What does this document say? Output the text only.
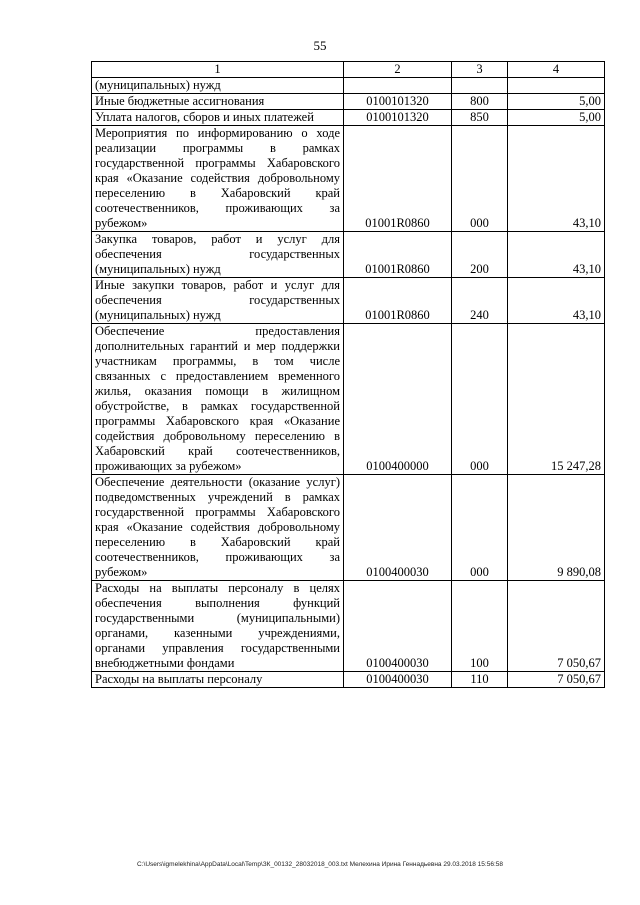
55
1	2	3	4
(муниципальных) нужд			
Иные бюджетные ассигнования	0100101320	800	5,00
Уплата налогов, сборов и иных платежей	0100101320	850	5,00
Мероприятия по информированию о ходе реализации программы в рамках государственной программы Хабаровского края «Оказание содействия добровольному переселению в Хабаровский край соотечественников, проживающих за рубежом»	01001R0860	000	43,10
Закупка товаров, работ и услуг для обеспечения государственных (муниципальных) нужд	01001R0860	200	43,10
Иные закупки товаров, работ и услуг для обеспечения государственных (муниципальных) нужд	01001R0860	240	43,10
Обеспечение предоставления дополнительных гарантий и мер поддержки участникам программы, в том числе связанных с предоставлением временного жилья, оказания помощи в жилищном обустройстве, в рамках государственной программы Хабаровского края «Оказание содействия добровольному переселению в Хабаровский край соотечественников, проживающих за рубежом»	0100400000	000	15 247,28
Обеспечение деятельности (оказание услуг) подведомственных учреждений в рамках государственной программы Хабаровского края «Оказание содействия добровольному переселению в Хабаровский край соотечественников, проживающих за рубежом»	0100400030	000	9 890,08
Расходы на выплаты персоналу в целях обеспечения выполнения функций государственными (муниципальными) органами, казенными учреждениями, органами управления государственными внебюджетными фондами	0100400030	100	7 050,67
Расходы на выплаты персоналу	0100400030	110	7 050,67
C:\Users\igmelekhina\AppData\Local\Temp\ЗК_00132_28032018_003.txt Мелехина Ирина Геннадьевна 29.03.2018 15:56:58
